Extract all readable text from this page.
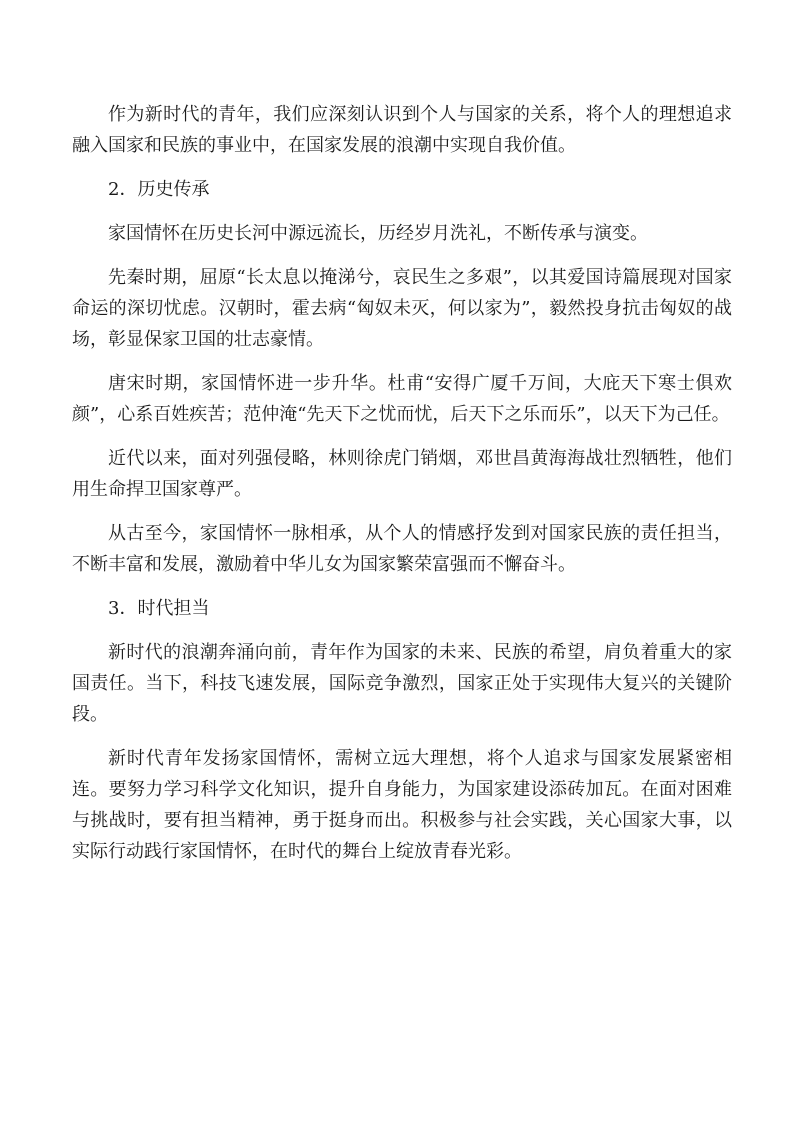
作为新时代的青年，我们应深刻认识到个人与国家的关系，将个人的理想追求融入国家和民族的事业中，在国家发展的浪潮中实现自我价值。

2．历史传承

家国情怀在历史长河中源远流长，历经岁月洗礼，不断传承与演变。

先秦时期，屈原“长太息以掩涕兮，哀民生之多艰”，以其爱国诗篇展现对国家命运的深切忧虑。汉朝时，霍去病“匈奴未灭，何以家为”，毅然投身抗击匈奴的战场，彰显保家卫国的壮志豪情。

唐宋时期，家国情怀进一步升华。杜甫“安得广厦千万间，大庇天下寒士俱欢颜”，心系百姓疾苦；范仲淹“先天下之忧而忧，后天下之乐而乐”，以天下为己任。

近代以来，面对列强侵略，林则徐虎门销烟，邓世昌黄海海战壮烈牺牲，他们用生命捍卫国家尊严。

从古至今，家国情怀一脉相承，从个人的情感抒发到对国家民族的责任担当，不断丰富和发展，激励着中华儿女为国家繁荣富强而不懈奋斗。

3．时代担当

新时代的浪潮奔涌向前，青年作为国家的未来、民族的希望，肩负着重大的家国责任。当下，科技飞速发展，国际竞争激烈，国家正处于实现伟大复兴的关键阶段。

新时代青年发扬家国情怀，需树立远大理想，将个人追求与国家发展紧密相连。要努力学习科学文化知识，提升自身能力，为国家建设添砖加瓦。在面对困难与挑战时，要有担当精神，勇于挺身而出。积极参与社会实践，关心国家大事，以实际行动践行家国情怀，在时代的舞台上绽放青春光彩。
